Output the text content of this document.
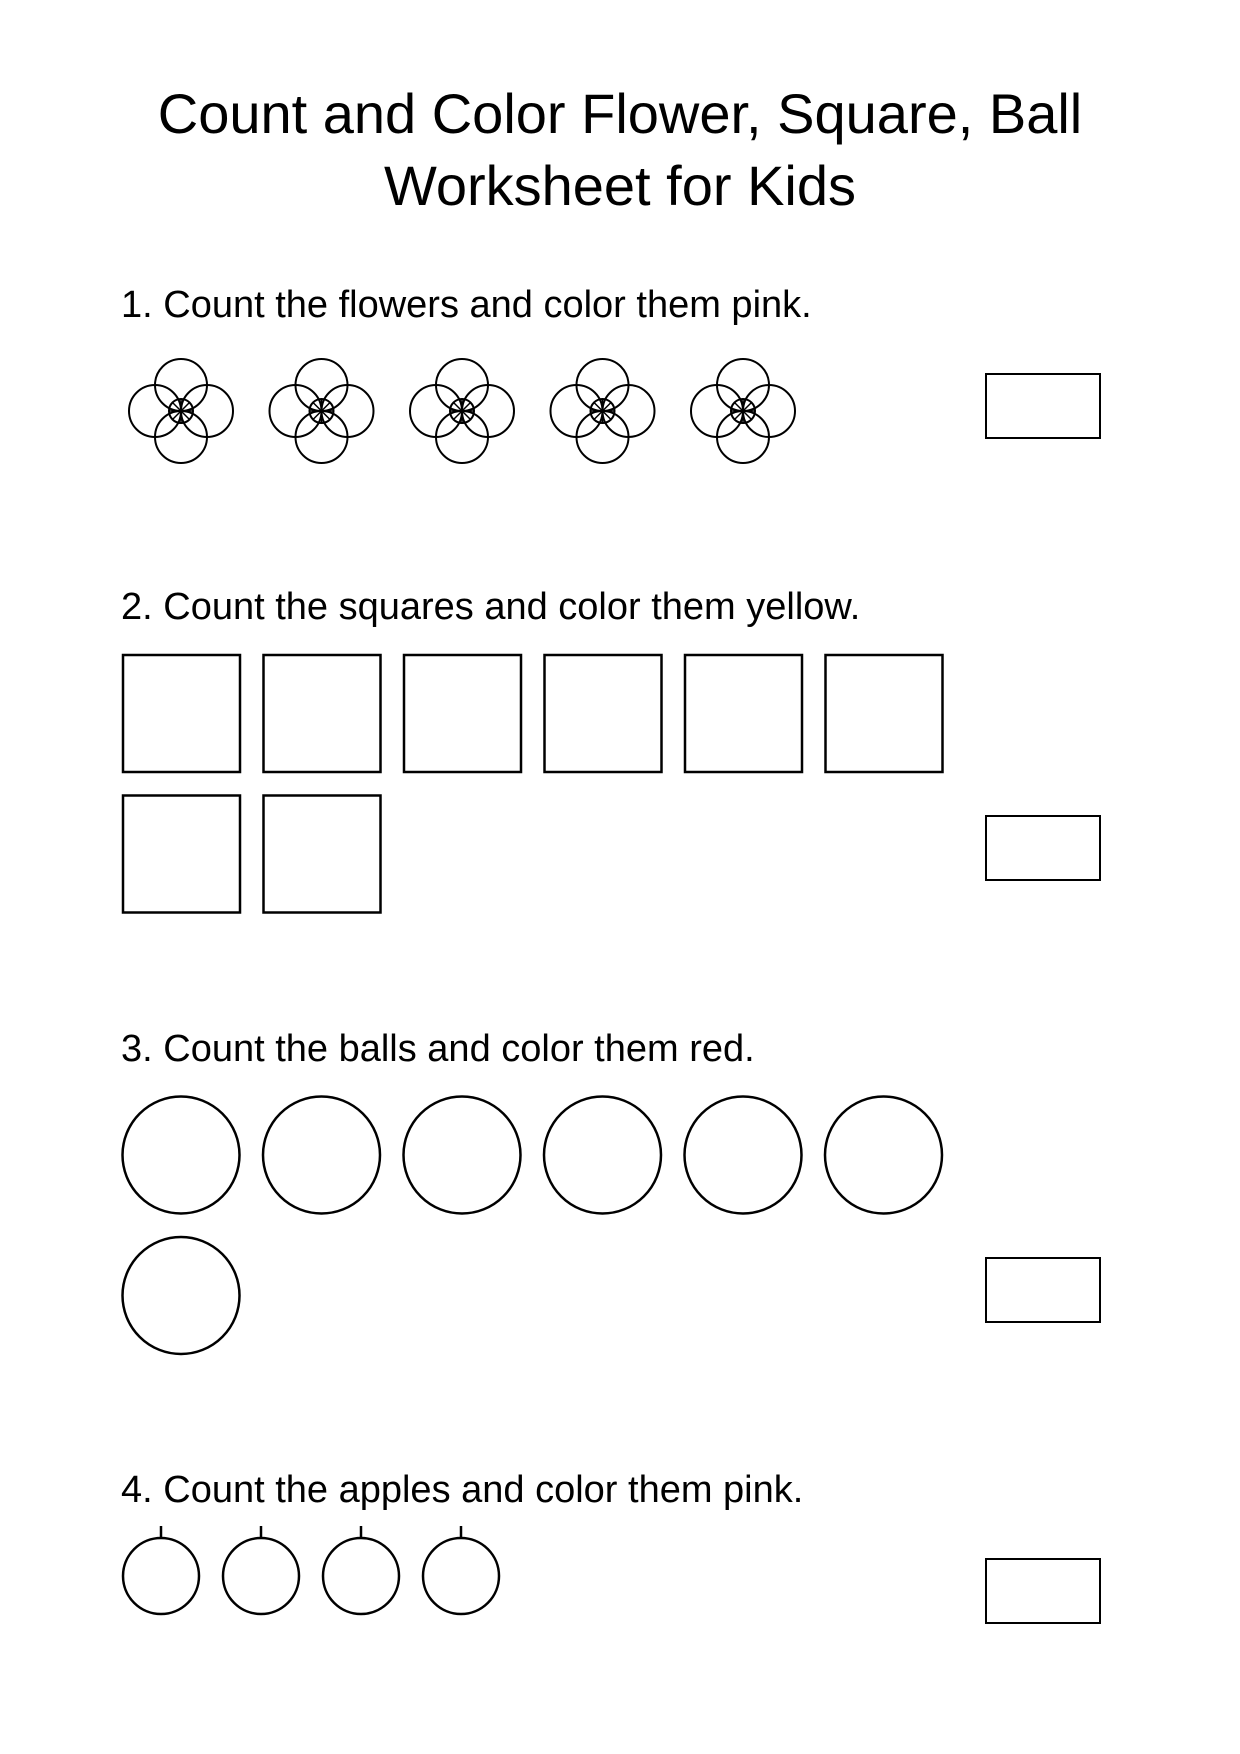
Count and Color Flower, Square, Ball
Worksheet for Kids
1. Count the flowers and color them pink.
2. Count the squares and color them yellow.
3. Count the balls and color them red.
4. Count the apples and color them pink.
